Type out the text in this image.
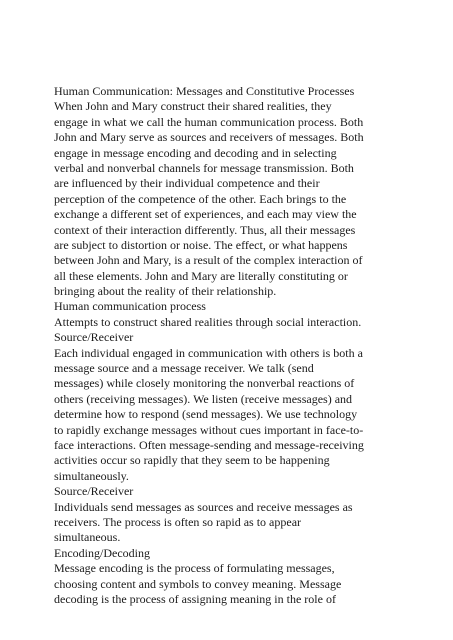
Human Communication: Messages and Constitutive Processes
When John and Mary construct their shared realities, they
engage in what we call the human communication process. Both
John and Mary serve as sources and receivers of messages. Both
engage in message encoding and decoding and in selecting
verbal and nonverbal channels for message transmission. Both
are influenced by their individual competence and their
perception of the competence of the other. Each brings to the
exchange a different set of experiences, and each may view the
context of their interaction differently. Thus, all their messages
are subject to distortion or noise. The effect, or what happens
between John and Mary, is a result of the complex interaction of
all these elements. John and Mary are literally constituting or
bringing about the reality of their relationship.
Human communication process
Attempts to construct shared realities through social interaction.
Source/Receiver
Each individual engaged in communication with others is both a
message source and a message receiver. We talk (send
messages) while closely monitoring the nonverbal reactions of
others (receiving messages). We listen (receive messages) and
determine how to respond (send messages). We use technology
to rapidly exchange messages without cues important in face-to-
face interactions. Often message-sending and message-receiving
activities occur so rapidly that they seem to be happening
simultaneously.
Source/Receiver
Individuals send messages as sources and receive messages as
receivers. The process is often so rapid as to appear
simultaneous.
Encoding/Decoding
Message encoding is the process of formulating messages,
choosing content and symbols to convey meaning. Message
decoding is the process of assigning meaning in the role of
